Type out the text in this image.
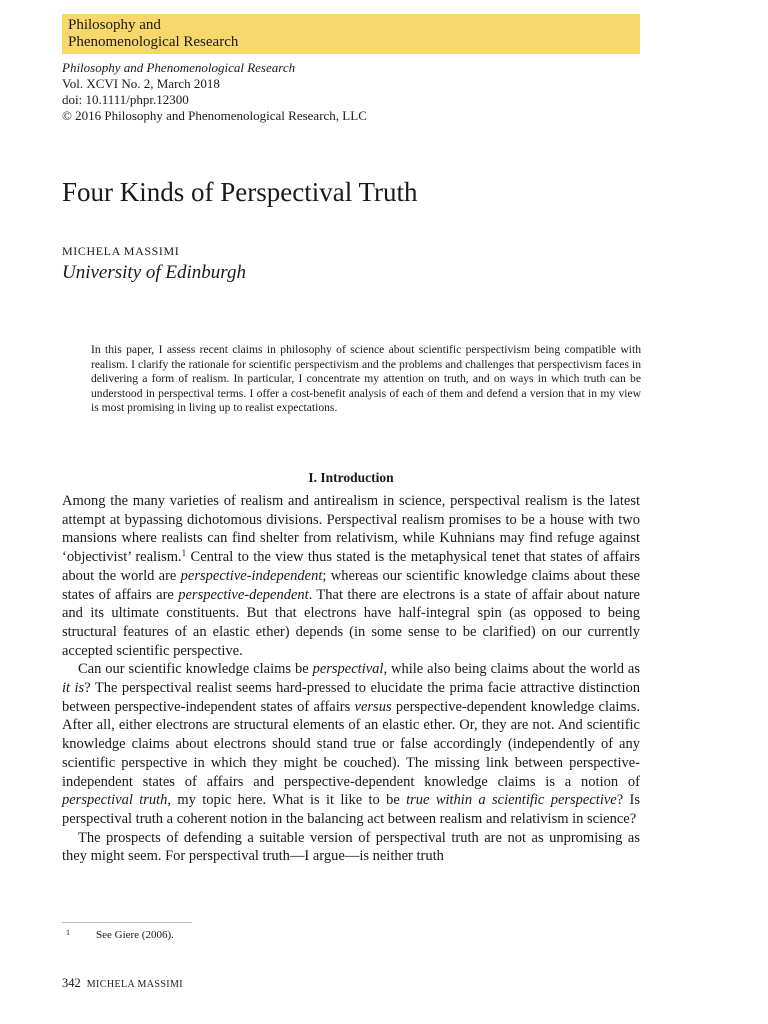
Philosophy and
Phenomenological Research
Philosophy and Phenomenological Research
Vol. XCVI No. 2, March 2018
doi: 10.1111/phpr.12300
© 2016 Philosophy and Phenomenological Research, LLC
Four Kinds of Perspectival Truth
MICHELA MASSIMI
University of Edinburgh
In this paper, I assess recent claims in philosophy of science about scientific perspectivism being compatible with realism. I clarify the rationale for scientific perspectivism and the problems and challenges that perspectivism faces in delivering a form of realism. In particular, I concentrate my attention on truth, and on ways in which truth can be understood in perspectival terms. I offer a cost-benefit analysis of each of them and defend a version that in my view is most promising in living up to realist expectations.
I. Introduction

Among the many varieties of realism and antirealism in science, perspectival realism is the latest attempt at bypassing dichotomous divisions. Perspectival realism promises to be a house with two mansions where realists can find shelter from relativism, while Kuhnians may find refuge against ‘objectivist’ realism.$^1$ Central to the view thus stated is the metaphysical tenet that states of affairs about the world are perspective-independent; whereas our scientific knowledge claims about these states of affairs are perspective-dependent. That there are electrons is a state of affair about nature and its ultimate constituents. But that electrons have half-integral spin (as opposed to being structural features of an elastic ether) depends (in some sense to be clarified) on our currently accepted scientific perspective.

Can our scientific knowledge claims be perspectival, while also being claims about the world as it is? The perspectival realist seems hard-pressed to elucidate the prima facie attractive distinction between perspective-independent states of affairs versus perspective-dependent knowledge claims. After all, either electrons are structural elements of an elastic ether. Or, they are not. And scientific knowledge claims about electrons should stand true or false accordingly (independently of any scientific perspective in which they might be couched). The missing link between perspective-independent states of affairs and perspective-dependent knowledge claims is a notion of perspectival truth, my topic here. What is it like to be true within a scientific perspective? Is perspectival truth a coherent notion in the balancing act between realism and relativism in science?

The prospects of defending a suitable version of perspectival truth are not as unpromising as they might seem. For perspectival truth—I argue—is neither truth

1 See Giere (2006).
342 MICHELA MASSIMI
